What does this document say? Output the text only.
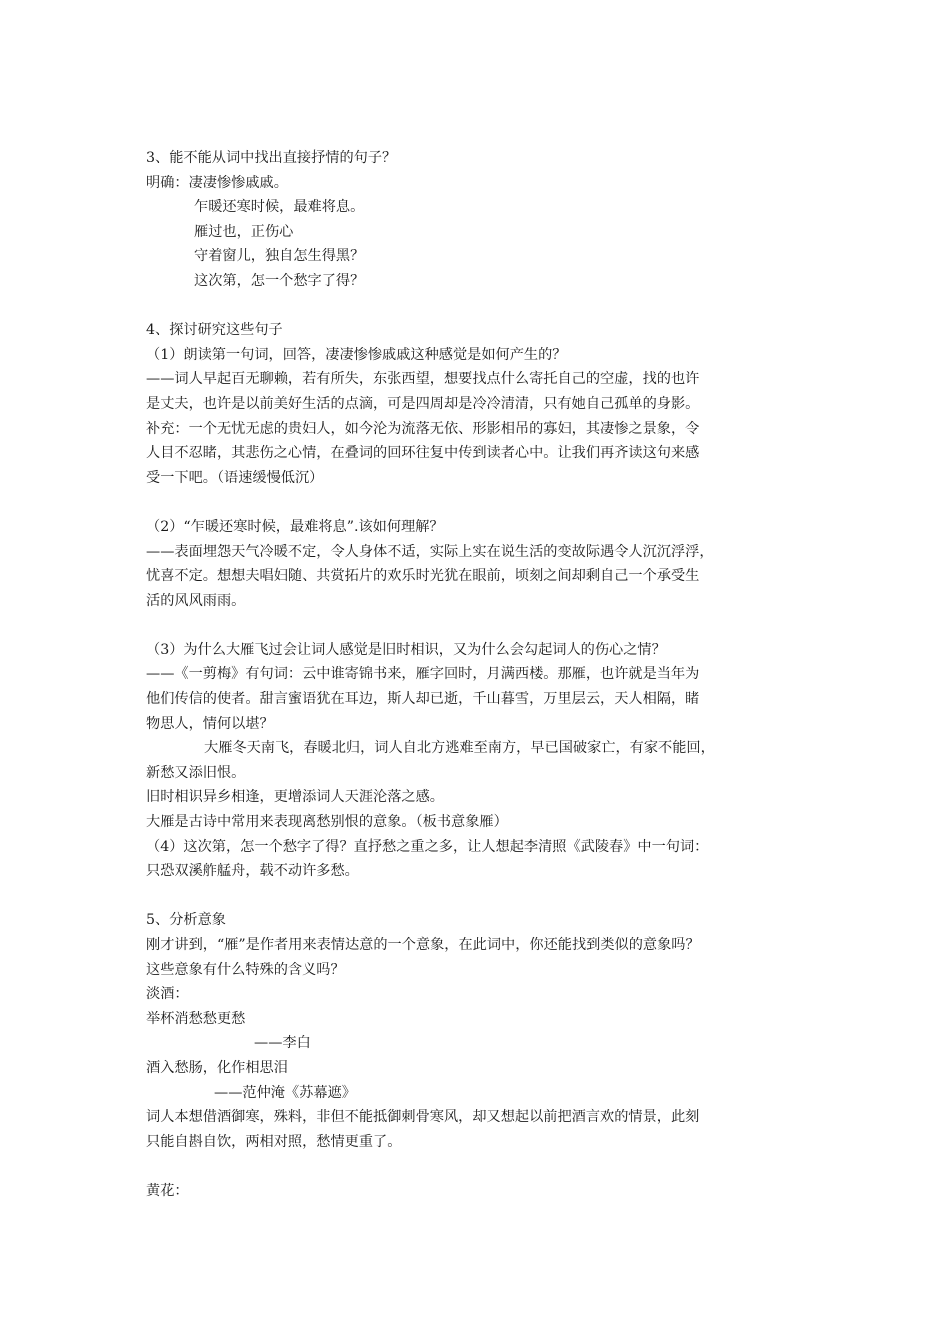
3、能不能从词中找出直接抒情的句子？
明确：凄凄惨惨戚戚。
乍暖还寒时候，最难将息。
雁过也，正伤心
守着窗儿，独自怎生得黑？
这次第，怎一个愁字了得？
4、探讨研究这些句子
（1）朗读第一句词，回答，凄凄惨惨戚戚这种感觉是如何产生的？
——词人早起百无聊赖，若有所失，东张西望，想要找点什么寄托自己的空虚，找的也许
是丈夫，也许是以前美好生活的点滴，可是四周却是冷冷清清，只有她自己孤单的身影。
补充：一个无忧无虑的贵妇人，如今沦为流落无依、形影相吊的寡妇，其凄惨之景象，令
人目不忍睹，其悲伤之心情，在叠词的回环往复中传到读者心中。让我们再齐读这句来感
受一下吧。（语速缓慢低沉）
（2）“乍暖还寒时候，最难将息”.该如何理解？
——表面埋怨天气冷暖不定，令人身体不适，实际上实在说生活的变故际遇令人沉沉浮浮，
忧喜不定。想想夫唱妇随、共赏拓片的欢乐时光犹在眼前，顷刻之间却剩自己一个承受生
活的风风雨雨。
（3）为什么大雁飞过会让词人感觉是旧时相识，又为什么会勾起词人的伤心之情？
——《一剪梅》有句词：云中谁寄锦书来，雁字回时，月满西楼。那雁，也许就是当年为
他们传信的使者。甜言蜜语犹在耳边，斯人却已逝，千山暮雪，万里层云，天人相隔，睹
物思人，情何以堪？
大雁冬天南飞，春暖北归，词人自北方逃难至南方，早已国破家亡，有家不能回，
新愁又添旧恨。
旧时相识异乡相逢，更增添词人天涯沦落之感。
大雁是古诗中常用来表现离愁别恨的意象。（板书意象雁）
（4）这次第，怎一个愁字了得？直抒愁之重之多，让人想起李清照《武陵春》中一句词：
只恐双溪舴艋舟，载不动许多愁。
5、分析意象
刚才讲到，“雁”是作者用来表情达意的一个意象，在此词中，你还能找到类似的意象吗？
这些意象有什么特殊的含义吗？
淡酒：
举杯消愁愁更愁
——李白
酒入愁肠，化作相思泪
——范仲淹《苏幕遮》
词人本想借酒御寒，殊料，非但不能抵御刺骨寒风，却又想起以前把酒言欢的情景，此刻
只能自斟自饮，两相对照，愁情更重了。
黄花：
